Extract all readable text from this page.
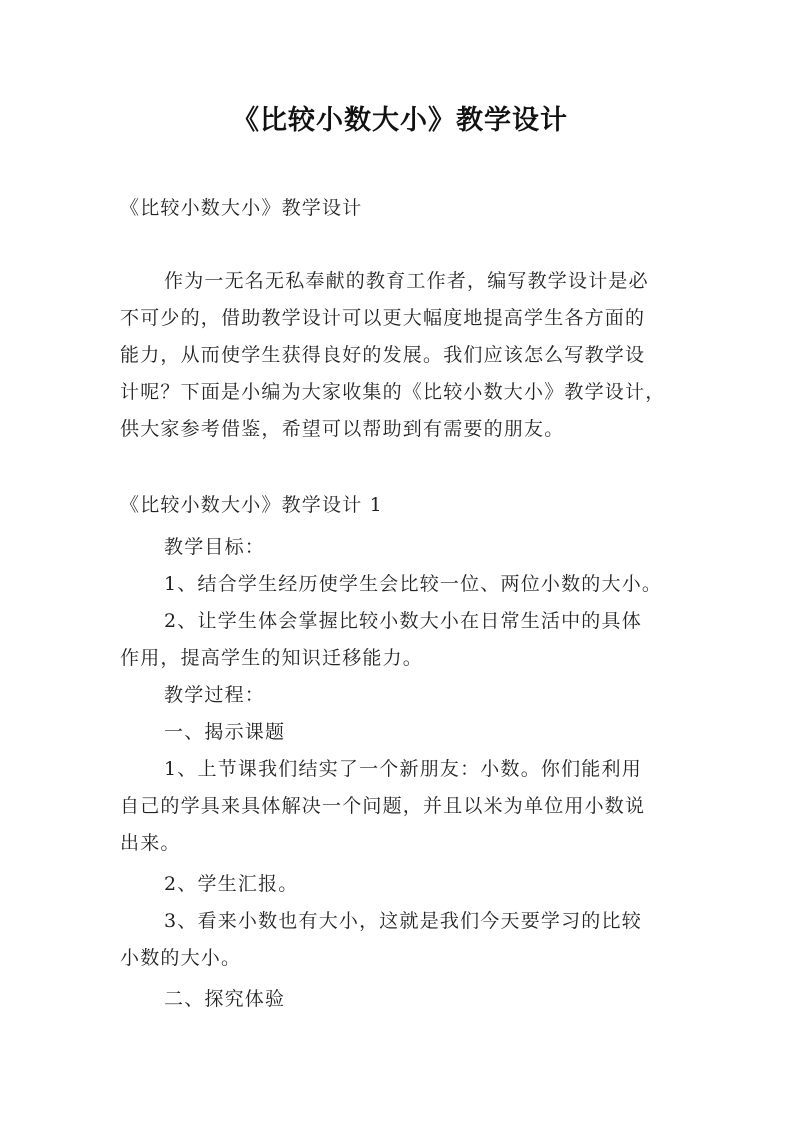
《比较小数大小》教学设计
《比较小数大小》教学设计
作为一无名无私奉献的教育工作者，编写教学设计是必
不可少的，借助教学设计可以更大幅度地提高学生各方面的
能力，从而使学生获得良好的发展。我们应该怎么写教学设
计呢？下面是小编为大家收集的《比较小数大小》教学设计，
供大家参考借鉴，希望可以帮助到有需要的朋友。
《比较小数大小》教学设计 1
教学目标：
1、结合学生经历使学生会比较一位、两位小数的大小。
2、让学生体会掌握比较小数大小在日常生活中的具体
作用，提高学生的知识迁移能力。
教学过程：
一、揭示课题
1、上节课我们结实了一个新朋友：小数。你们能利用
自己的学具来具体解决一个问题，并且以米为单位用小数说
出来。
2、学生汇报。
3、看来小数也有大小，这就是我们今天要学习的比较
小数的大小。
二、探究体验
